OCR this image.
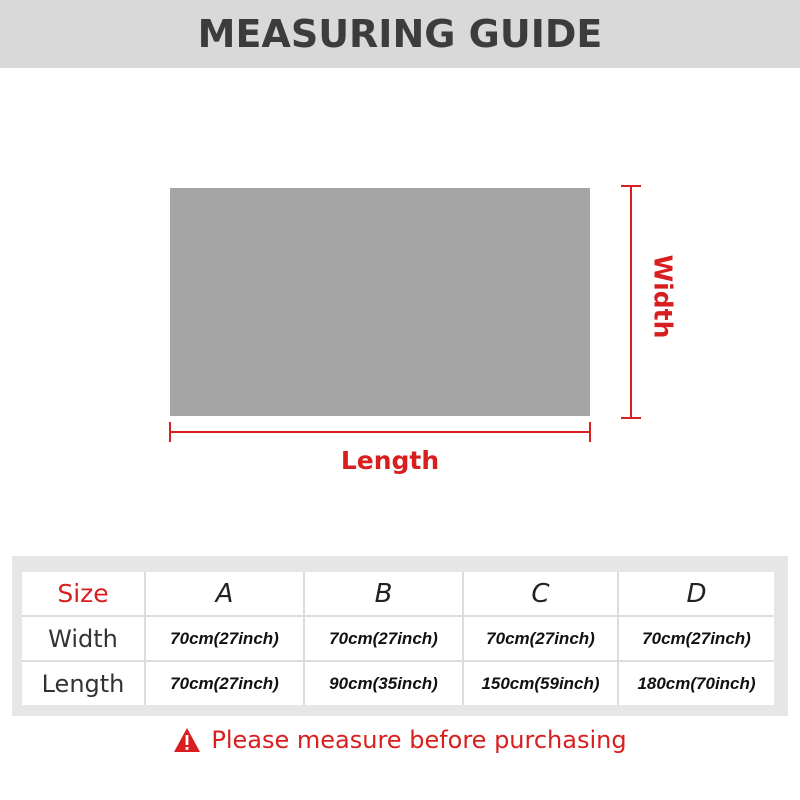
MEASURING GUIDE
Length
Width
Size	A	B	C	D
Width	70cm(27inch)	70cm(27inch)	70cm(27inch)	70cm(27inch)
Length	70cm(27inch)	90cm(35inch)	150cm(59inch)	180cm(70inch)
Please measure before purchasing
